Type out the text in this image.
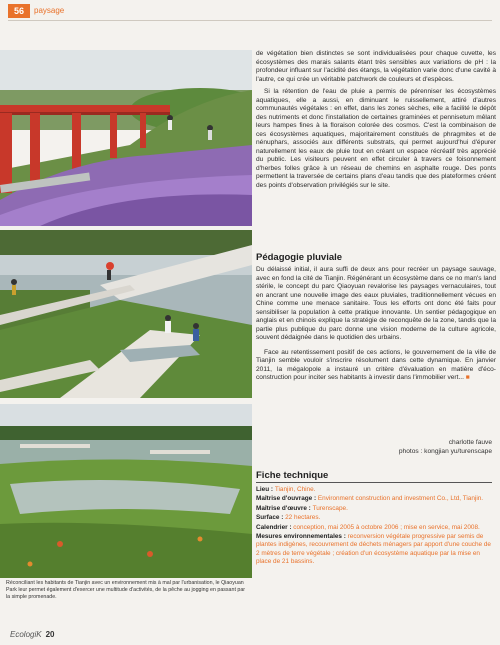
56	paysage
Réconciliant les habitants de Tianjin avec un environnement mis à mal par l'urbanisation, le Qiaoyuan Park leur permet également d'exercer une multitude d'activités, de la pêche au jogging en passant par la simple promenade.

de végétation bien distinctes se sont individualisées pour chaque cuvette, les écosystèmes des marais salants étant très sensibles aux variations de pH : la profondeur influant sur l'acidité des étangs, la végétation varie donc d'une cavité à l'autre, ce qui crée un véritable patchwork de couleurs et d'espèces.

Si la rétention de l'eau de pluie a permis de pérenniser les écosystèmes aquatiques, elle a aussi, en diminuant le ruissellement, attiré d'autres communautés végétales : en effet, dans les zones sèches, elle a facilité le dépôt des nutriments et donc l'installation de certaines graminées et pennisetum mêlant leurs hampes fines à la floraison colorée des cosmos. C'est la combinaison de ces écosystèmes aquatiques, majoritairement constitués de phragmites et de nénuphars, associés aux différents substrats, qui permet aujourd'hui d'épurer naturellement les eaux de pluie tout en créant un espace récréatif très apprécié du public. Les visiteurs peuvent en effet circuler à travers ce foisonnement d'herbes folles grâce à un réseau de chemins en asphalte rouge. Des ponts permettent la traversée de certains plans d'eau tandis que des plateformes créent des points d'observation privilégiés sur le site.

Pédagogie pluviale

Du délaissé initial, il aura suffi de deux ans pour recréer un paysage sauvage, avec en fond la cité de Tianjin. Régénérant un écosystème dans ce no man's land stérile, le concept du parc Qiaoyuan revalorise les paysages vernaculaires, tout en ancrant une nouvelle image des eaux pluviales, traditionnellement vécues en Chine comme une menace sanitaire. Tous les efforts ont donc été faits pour sensibiliser la population à cette pratique innovante. Un sentier pédagogique en anglais et en chinois explique la stratégie de reconquête de la zone, tandis que la partie plus publique du parc donne une vision moderne de la culture agricole, souvent dédaignée dans le quotidien des urbains.

Face au retentissement positif de ces actions, le gouvernement de la ville de Tianjin semble vouloir s'inscrire résolument dans cette dynamique. En janvier 2011, la mégalopole a instauré un critère d'évaluation en matière d'éco-construction pour inciter ses habitants à investir dans l'immobilier vert... ■

charlotte fauve
photos : kongjian yu/turenscape
Fiche technique
Lieu : Tianjin, Chine.
Maîtrise d'ouvrage : Environment construction and investment Co., Ltd, Tianjin.
Maîtrise d'œuvre : Turenscape.
Surface : 22 hectares.
Calendrier : conception, mai 2005 à octobre 2006 ; mise en service, mai 2008.
Mesures environnementales : reconversion végétale progressive par semis de plantes indigènes, recouvrement de déchets ménagers par apport d'une couche de 2 mètres de terre végétale ; création d'un écosystème aquatique par la mise en place de 21 bassins.
EcologiK 20
